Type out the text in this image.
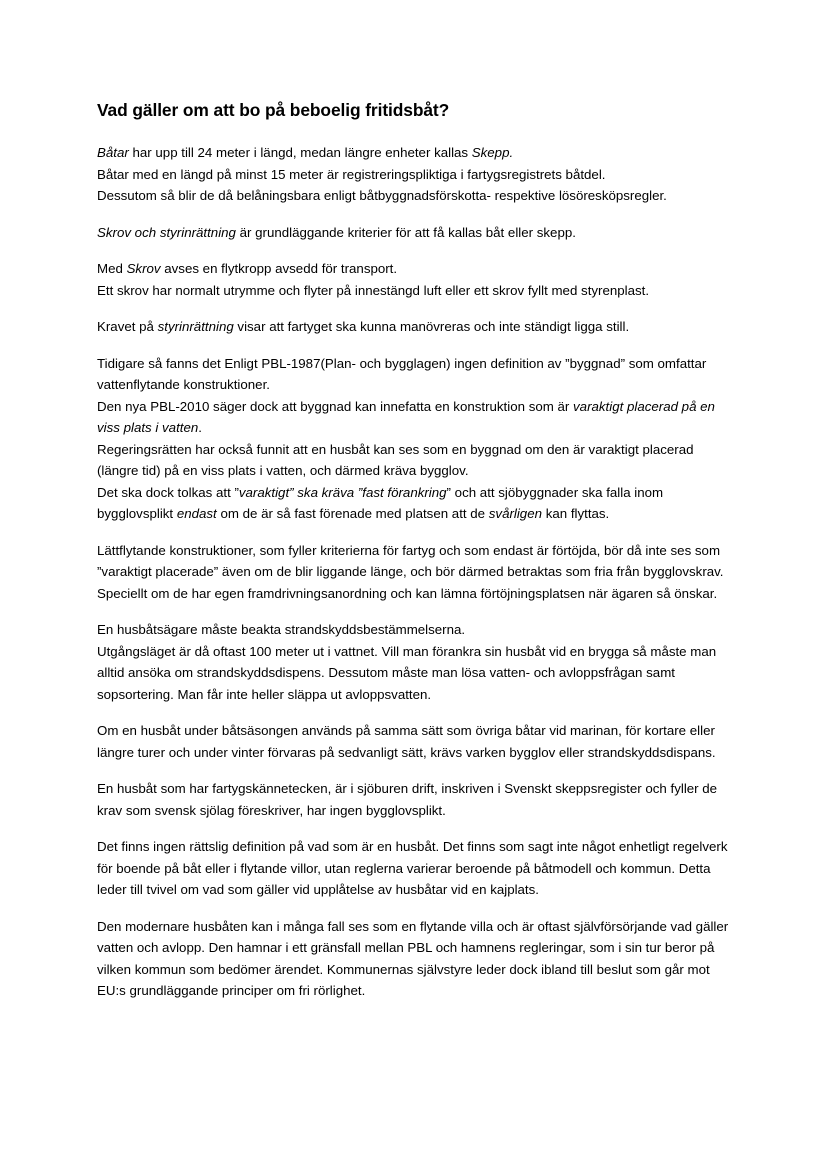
Vad gäller om att bo på beboelig fritidsbåt?

Båtar har upp till 24 meter i längd, medan längre enheter kallas Skepp.
Båtar med en längd på minst 15 meter är registreringspliktiga i fartygsregistrets båtdel.
Dessutom så blir de då belåningsbara enligt båtbyggnadsförskotta- respektive lösöresköpsregler.

Skrov och styrinrättning är grundläggande kriterier för att få kallas båt eller skepp.

Med Skrov avses en flytkropp avsedd för transport.
Ett skrov har normalt utrymme och flyter på innestängd luft eller ett skrov fyllt med styrenplast.

Kravet på styrinrättning visar att fartyget ska kunna manövreras och inte ständigt ligga still.

Tidigare så fanns det Enligt PBL-1987(Plan- och bygglagen) ingen definition av ”byggnad” som omfattar vattenflytande konstruktioner.
Den nya PBL-2010 säger dock att byggnad kan innefatta en konstruktion som är varaktigt placerad på en viss plats i vatten.
Regeringsrätten har också funnit att en husbåt kan ses som en byggnad om den är varaktigt placerad (längre tid) på en viss plats i vatten, och därmed kräva bygglov.
Det ska dock tolkas att ”varaktigt” ska kräva ”fast förankring” och att sjöbyggnader ska falla inom bygglovsplikt endast om de är så fast förenade med platsen att de svårligen kan flyttas.

Lättflytande konstruktioner, som fyller kriterierna för fartyg och som endast är förtöjda, bör då inte ses som ”varaktigt placerade” även om de blir liggande länge, och bör därmed betraktas som fria från bygglovskrav. Speciellt om de har egen framdrivningsanordning och kan lämna förtöjningsplatsen när ägaren så önskar.

En husbåtsägare måste beakta strandskyddsbestämmelserna.
Utgångsläget är då oftast 100 meter ut i vattnet. Vill man förankra sin husbåt vid en brygga så måste man alltid ansöka om strandskyddsdispens. Dessutom måste man lösa vatten- och avloppsfrågan samt sopsortering. Man får inte heller släppa ut avloppsvatten.

Om en husbåt under båtsäsongen används på samma sätt som övriga båtar vid marinan, för kortare eller längre turer och under vinter förvaras på sedvanligt sätt, krävs varken bygglov eller strandskyddsdispans.

En husbåt som har fartygskännetecken, är i sjöburen drift, inskriven i Svenskt skeppsregister och fyller de krav som svensk sjölag föreskriver, har ingen bygglovsplikt.

Det finns ingen rättslig definition på vad som är en husbåt. Det finns som sagt inte något enhetligt regelverk för boende på båt eller i flytande villor, utan reglerna varierar beroende på båtmodell och kommun. Detta leder till tvivel om vad som gäller vid upplåtelse av husbåtar vid en kajplats.

Den modernare husbåten kan i många fall ses som en flytande villa och är oftast självförsörjande vad gäller vatten och avlopp. Den hamnar i ett gränsfall mellan PBL och hamnens regleringar, som i sin tur beror på vilken kommun som bedömer ärendet. Kommunernas självstyre leder dock ibland till beslut som går mot EU:s grundläggande principer om fri rörlighet.
